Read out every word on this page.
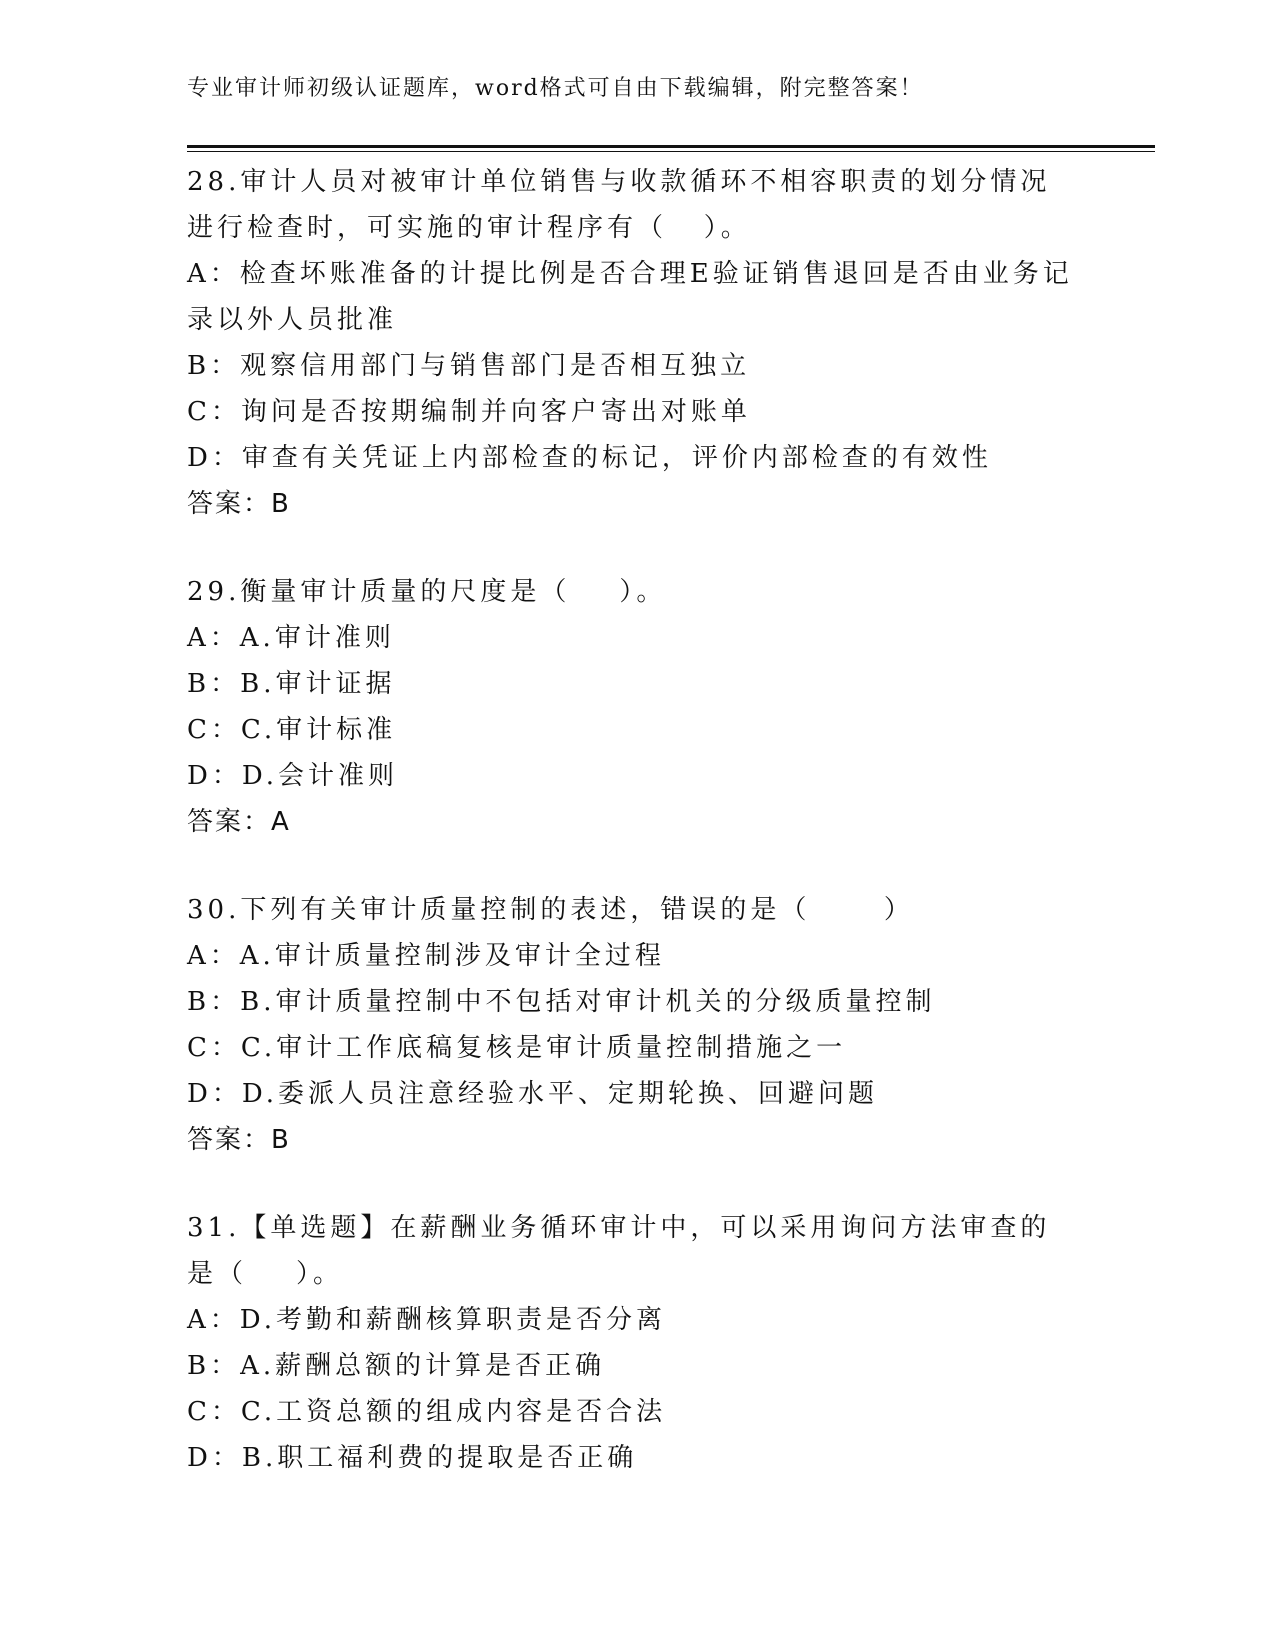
专业审计师初级认证题库，word格式可自由下载编辑，附完整答案！
28.审计人员对被审计单位销售与收款循环不相容职责的划分情况进行检查时，可实施的审计程序有（   ）。
A：检查坏账准备的计提比例是否合理E验证销售退回是否由业务记录以外人员批准
B：观察信用部门与销售部门是否相互独立
C：询问是否按期编制并向客户寄出对账单
D：审查有关凭证上内部检查的标记，评价内部检查的有效性
答案：B
29.衡量审计质量的尺度是（    ）。
A：A.审计准则
B：B.审计证据
C：C.审计标准
D：D.会计准则
答案：A
30.下列有关审计质量控制的表述，错误的是（      ）
A：A.审计质量控制涉及审计全过程
B：B.审计质量控制中不包括对审计机关的分级质量控制
C：C.审计工作底稿复核是审计质量控制措施之一
D：D.委派人员注意经验水平、定期轮换、回避问题
答案：B
31.【单选题】在薪酬业务循环审计中，可以采用询问方法审查的是（    ）。
A：D.考勤和薪酬核算职责是否分离
B：A.薪酬总额的计算是否正确
C：C.工资总额的组成内容是否合法
D：B.职工福利费的提取是否正确
